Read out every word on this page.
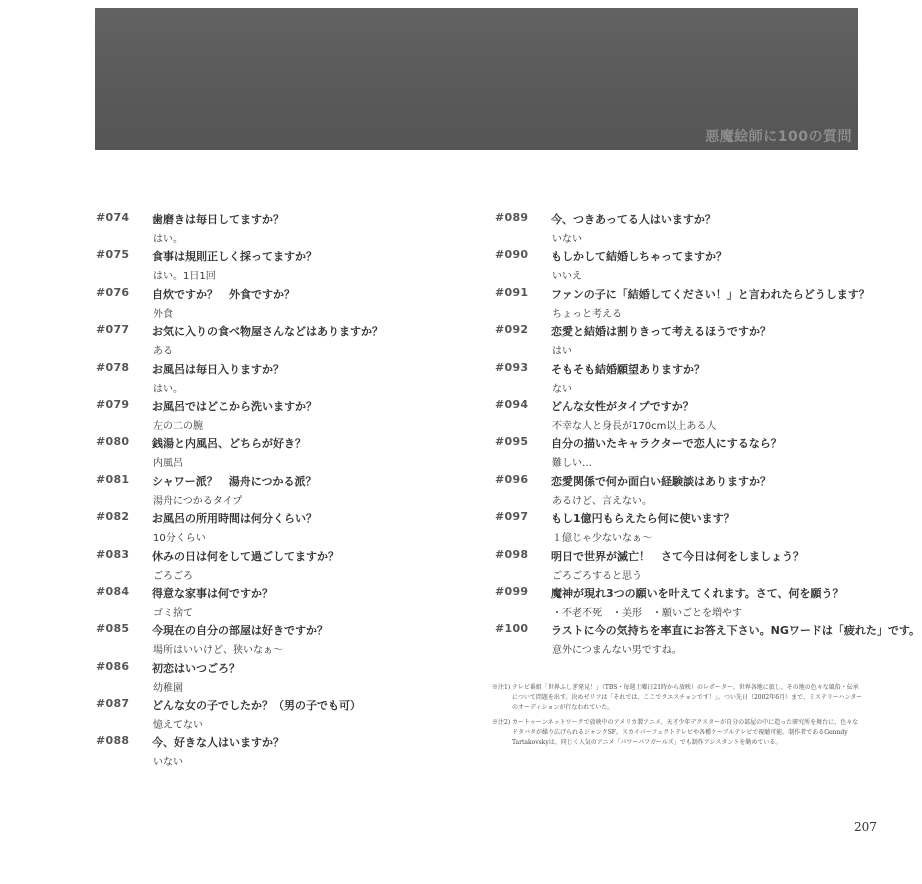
悪魔絵師に100の質問
#074 歯磨きは毎日してますか？
はい。
#075 食事は規則正しく採ってますか？
はい。1日1回
#076 自炊ですか？　外食ですか？
外食
#077 お気に入りの食べ物屋さんなどはありますか？
ある
#078 お風呂は毎日入りますか？
はい。
#079 お風呂ではどこから洗いますか？
左の二の腕
#080 銭湯と内風呂、どちらが好き？
内風呂
#081 シャワー派？　湯舟につかる派？
湯舟につかるタイプ
#082 お風呂の所用時間は何分くらい？
10分くらい
#083 休みの日は何をして過ごしてますか？
ごろごろ
#084 得意な家事は何ですか？
ゴミ捨て
#085 今現在の自分の部屋は好きですか？
場所はいいけど、狭いなぁ〜
#086 初恋はいつごろ？
幼稚園
#087 どんな女の子でしたか？（男の子でも可）
憶えてない
#088 今、好きな人はいますか？
いない
#089 今、つきあってる人はいますか？
いない
#090 もしかして結婚しちゃってますか？
いいえ
#091 ファンの子に「結婚してください！」と言われたらどうします？
ちょっと考える
#092 恋愛と結婚は割りきって考えるほうですか？
はい
#093 そもそも結婚願望ありますか？
ない
#094 どんな女性がタイプですか？
不幸な人と身長が170cm以上ある人
#095 自分の描いたキャラクターで恋人にするなら？
難しい…
#096 恋愛関係で何か面白い経験談はありますか？
あるけど、言えない。
#097 もし1億円もらえたら何に使います？
１億じゃ少ないなぁ〜
#098 明日で世界が滅亡！　さて今日は何をしましょう？
ごろごろすると思う
#099 魔神が現れ3つの願いを叶えてくれます。さて、何を願う？
・不老不死　・美形　・願いごとを増やす
#100 ラストに今の気持ちを率直にお答え下さい。NGワードは「疲れた」です。
意外につまんない男ですね。
※注1) テレビ番組「世界ふしぎ発見！」（TBS・毎週土曜日21時から放映）のレポーター。世界各地に旅し、その地の色々な風俗・伝承について問題を出す。決めゼリフは「それでは、ここでクエスチョンです！」。つい先日（2002年6月）まで、ミステリーハンターのオーディションが行なわれていた。
※注2) カートゥーンネットワークで放映中のアメリカ製アニメ。天才少年デクスターが自分の部屋の中に造った研究所を舞台に、色々なドタバタが繰り広げられるジャンクSF。スカイパーフェクトテレビや各種ケーブルテレビで視聴可能。制作者であるGenndy Tartakovskyは、同じく人気のアニメ「パワーパフガールズ」でも制作アシスタントを勤めている。
207
